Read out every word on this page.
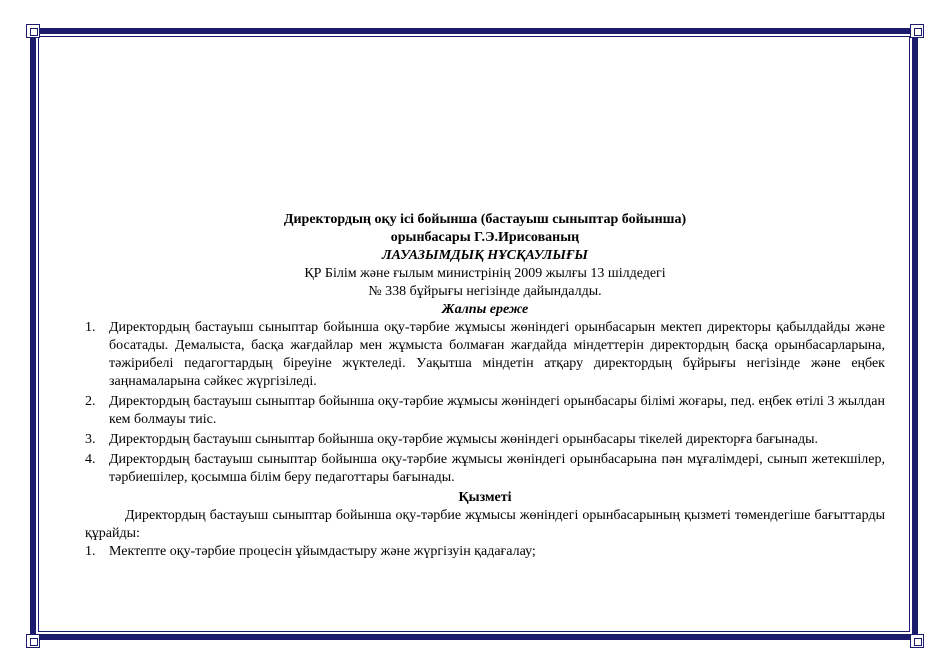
Директордың оқу ісі бойынша (бастауыш сыныптар бойынша)
орынбасары Г.Э.Ирисованың
ЛАУАЗЫМДЫҚ НҰСҚАУЛЫҒЫ
ҚР Білім және ғылым министрінің 2009 жылғы 13 шілдедегі
№ 338 бұйрығы негізінде дайындалды.
Жалпы ереже
1. Директордың бастауыш сыныптар бойынша оқу-тәрбие жұмысы жөніндегі орынбасарын мектеп директоры қабылдайды және босатады. Демалыста, басқа жағдайлар мен жұмыста болмаған жағдайда міндеттерін директордың басқа орынбасарларына, тәжірибелі педагогтардың біреуіне жүктеледі. Уақытша міндетін атқару директордың бұйрығы негізінде және еңбек заңнамаларына сәйкес жүргізіледі.
2. Директордың бастауыш сыныптар бойынша оқу-тәрбие жұмысы жөніндегі орынбасары білімі жоғары, пед. еңбек өтілі 3 жылдан кем болмауы тиіс.
3. Директордың бастауыш сыныптар бойынша оқу-тәрбие жұмысы жөніндегі орынбасары тікелей директорға бағынады.
4. Директордың бастауыш сыныптар бойынша оқу-тәрбие жұмысы жөніндегі орынбасарына пән мұғалімдері, сынып жетекшілер, тәрбиешілер, қосымша білім беру педаготтары бағынады.
Қызметі
Директордың бастауыш сыныптар бойынша оқу-тәрбие жұмысы жөніндегі орынбасарының қызметі төмендегіше бағыттарды құрайды:
1. Мектепте оқу-тәрбие процесін ұйымдастыру және жүргізуін қадағалау;
